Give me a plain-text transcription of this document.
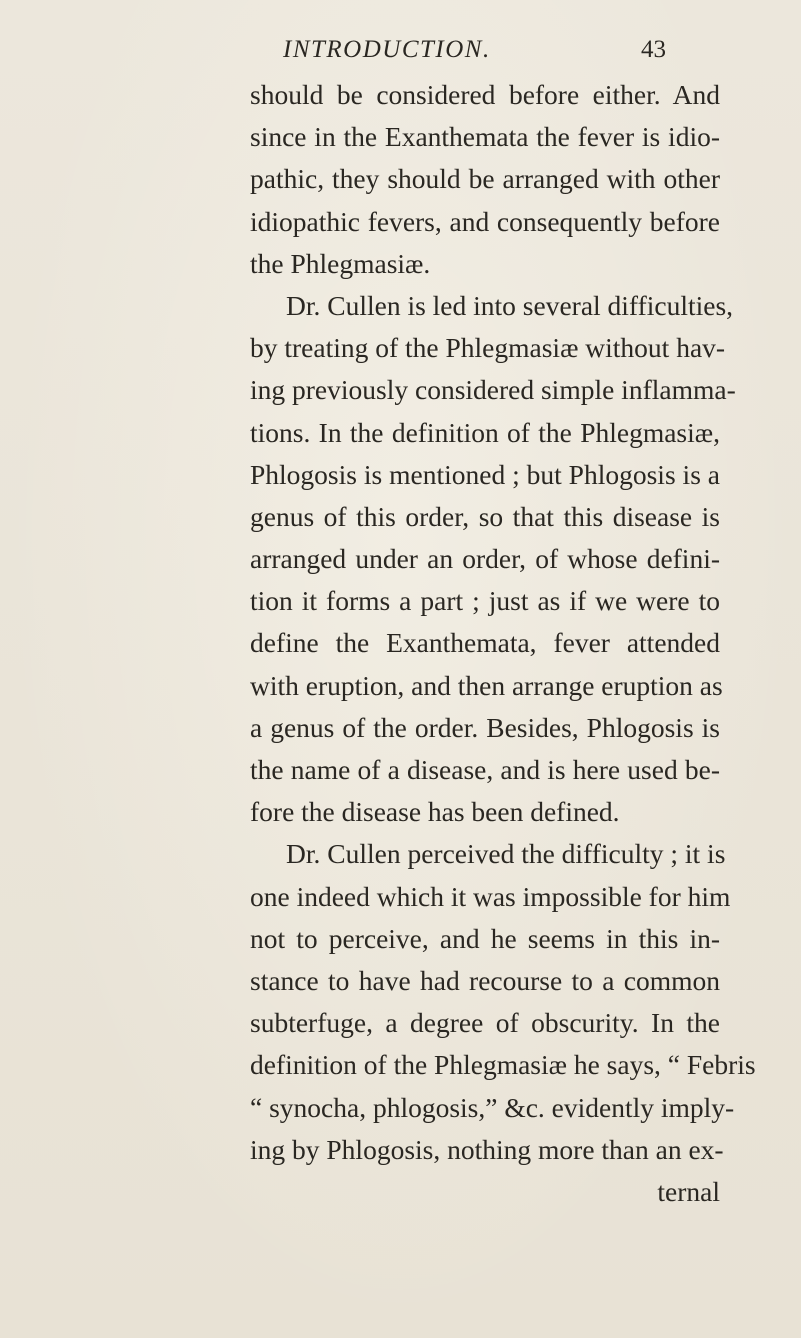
INTRODUCTION.	43
should be considered before either. And
since in the Exanthemata the fever is idio-
pathic, they should be arranged with other
idiopathic fevers, and consequently before
the Phlegmasiæ.
Dr. Cullen is led into several difficulties,
by treating of the Phlegmasiæ without hav-
ing previously considered simple inflamma-
tions. In the definition of the Phlegmasiæ,
Phlogosis is mentioned ; but Phlogosis is a
genus of this order, so that this disease is
arranged under an order, of whose defini-
tion it forms a part ; just as if we were to
define the Exanthemata, fever attended
with eruption, and then arrange eruption as
a genus of the order. Besides, Phlogosis is
the name of a disease, and is here used be-
fore the disease has been defined.
Dr. Cullen perceived the difficulty ; it is
one indeed which it was impossible for him
not to perceive, and he seems in this in-
stance to have had recourse to a common
subterfuge, a degree of obscurity. In the
definition of the Phlegmasiæ he says, “ Febris
“ synocha, phlogosis,” &c. evidently imply-
ing by Phlogosis, nothing more than an ex-
ternal
